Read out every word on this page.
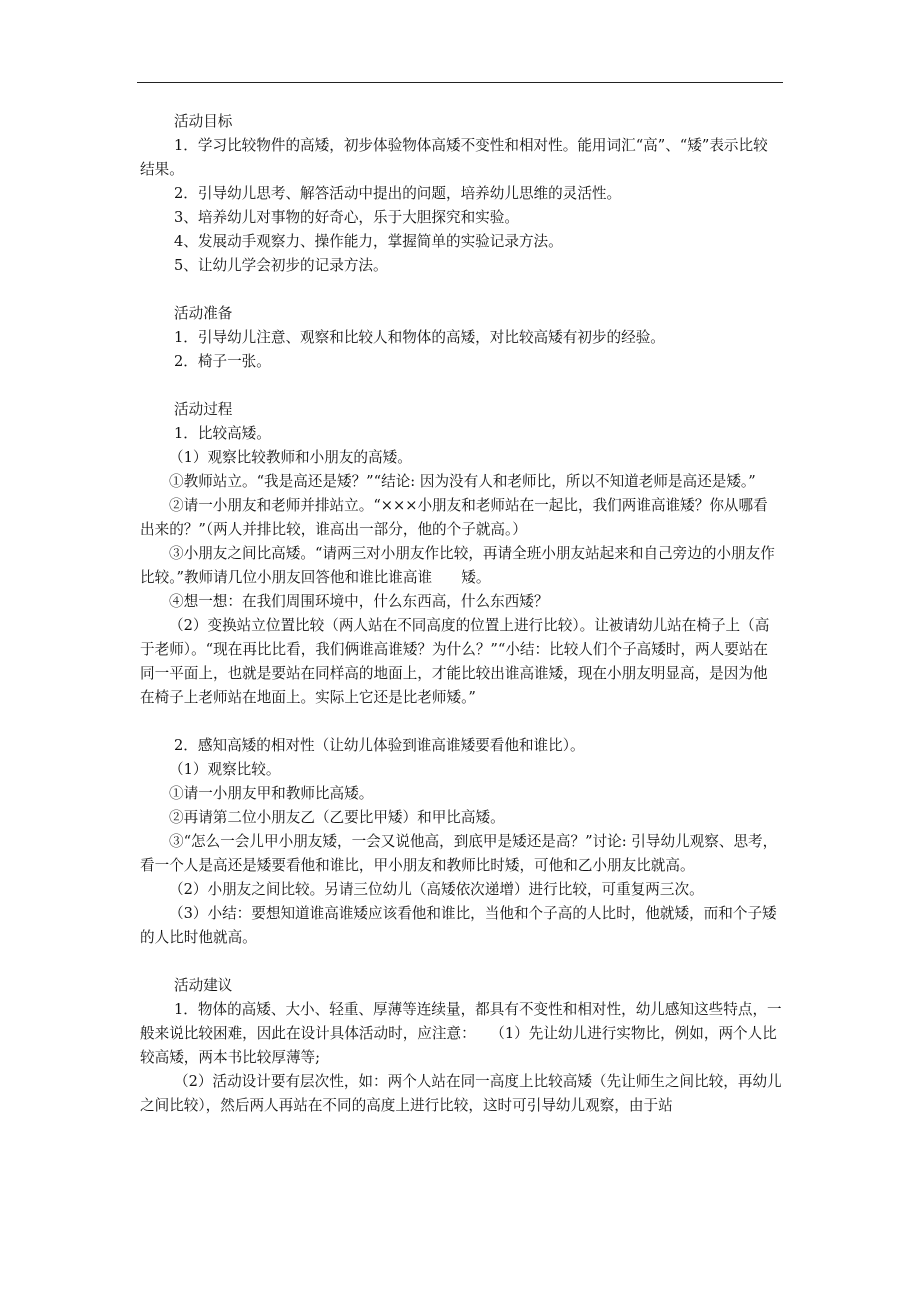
活动目标

1．学习比较物件的高矮，初步体验物体高矮不变性和相对性。能用词汇“高”、“矮”表示比较结果。

2．引导幼儿思考、解答活动中提出的问题，培养幼儿思维的灵活性。

3、培养幼儿对事物的好奇心，乐于大胆探究和实验。

4、发展动手观察力、操作能力，掌握简单的实验记录方法。

5、让幼儿学会初步的记录方法。

活动准备

1．引导幼儿注意、观察和比较人和物体的高矮，对比较高矮有初步的经验。

2．椅子一张。

活动过程

1．比较高矮。

（1）观察比较教师和小朋友的高矮。

①教师站立。“我是高还是矮？”“结论: 因为没有人和老师比，所以不知道老师是高还是矮。”

②请一小朋友和老师并排站立。“×××小朋友和老师站在一起比，我们两谁高谁矮？你从哪看出来的？”（两人并排比较，谁高出一部分，他的个子就高。）

③小朋友之间比高矮。“请两三对小朋友作比较，再请全班小朋友站起来和自己旁边的小朋友作比较。”教师请几位小朋友回答他和谁比谁高谁　　矮。

④想一想：在我们周围环境中，什么东西高，什么东西矮？

（2）变换站立位置比较（两人站在不同高度的位置上进行比较）。让被请幼儿站在椅子上（高于老师）。“现在再比比看，我们俩谁高谁矮？为什么？”“小结：比较人们个子高矮时，两人要站在同一平面上，也就是要站在同样高的地面上，才能比较出谁高谁矮，现在小朋友明显高，是因为他在椅子上老师站在地面上。实际上它还是比老师矮。”

2．感知高矮的相对性（让幼儿体验到谁高谁矮要看他和谁比）。

（1）观察比较。

①请一小朋友甲和教师比高矮。

②再请第二位小朋友乙（乙要比甲矮）和甲比高矮。

③“怎么一会儿甲小朋友矮，一会又说他高，到底甲是矮还是高？”讨论: 引导幼儿观察、思考，看一个人是高还是矮要看他和谁比，甲小朋友和教师比时矮，可他和乙小朋友比就高。

（2）小朋友之间比较。另请三位幼儿（高矮依次递增）进行比较，可重复两三次。

（3）小结：要想知道谁高谁矮应该看他和谁比，当他和个子高的人比时，他就矮，而和个子矮的人比时他就高。

活动建议

1．物体的高矮、大小、轻重、厚薄等连续量，都具有不变性和相对性，幼儿感知这些特点，一般来说比较困难，因此在设计具体活动时，应注意：　　（1）先让幼儿进行实物比，例如，两个人比较高矮，两本书比较厚薄等;

（2）活动设计要有层次性，如：两个人站在同一高度上比较高矮（先让师生之间比较，再幼儿之间比较），然后两人再站在不同的高度上进行比较，这时可引导幼儿观察，由于站
